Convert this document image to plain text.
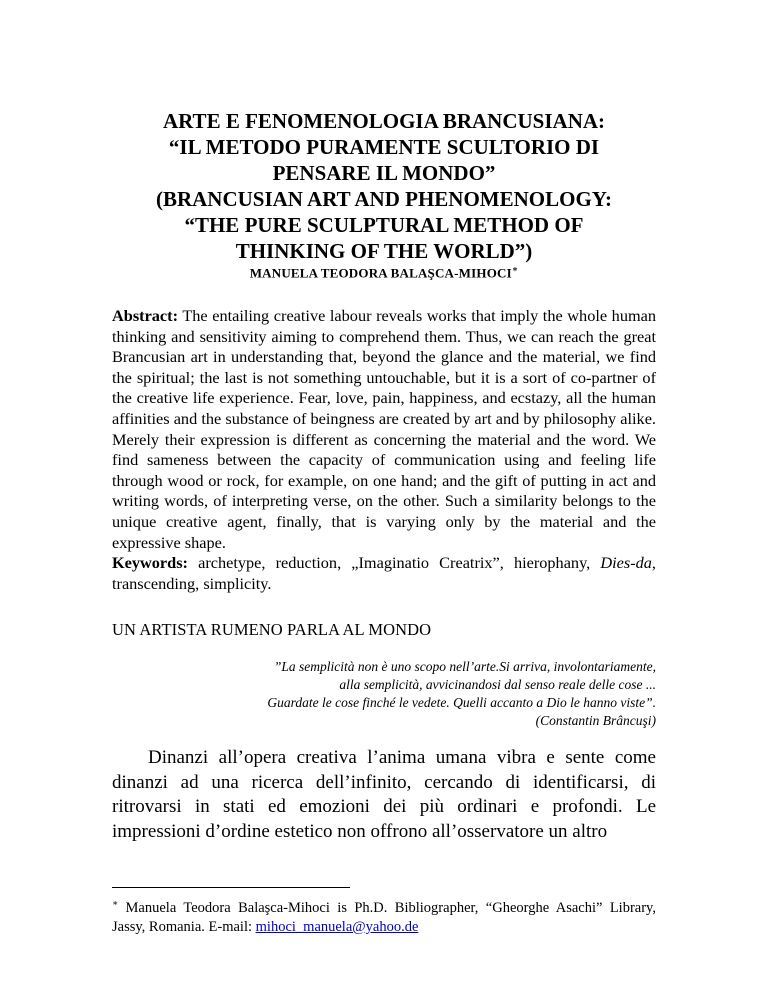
ARTE E FENOMENOLOGIA BRANCUSIANA:
“IL METODO PURAMENTE SCULTORIO DI
PENSARE IL MONDO”
(BRANCUSIAN ART AND PHENOMENOLOGY:
“THE PURE SCULPTURAL METHOD OF
THINKING OF THE WORLD”)
MANUELA TEODORA BALAŞCA-MIHOCI∗

Abstract: The entailing creative labour reveals works that imply the whole human thinking and sensitivity aiming to comprehend them. Thus, we can reach the great Brancusian art in understanding that, beyond the glance and the material, we find the spiritual; the last is not something untouchable, but it is a sort of co-partner of the creative life experience. Fear, love, pain, happiness, and ecstazy, all the human affinities and the substance of beingness are created by art and by philosophy alike. Merely their expression is different as concerning the material and the word. We find sameness between the capacity of communication using and feeling life through wood or rock, for example, on one hand; and the gift of putting in act and writing words, of interpreting verse, on the other. Such a similarity belongs to the unique creative agent, finally, that is varying only by the material and the expressive shape.

Keywords: archetype, reduction, „Imaginatio Creatrix”, hierophany, Dies-da, transcending, simplicity.

UN ARTISTA RUMENO PARLA AL MONDO
”La semplicità non è uno scopo nell’arte.Si arriva, involontariamente,
alla semplicità, avvicinandosi dal senso reale delle cose ...
Guardate le cose finché le vedete. Quelli accanto a Dio le hanno viste”.
(Constantin Brâncuşi)

Dinanzi all’opera creativa l’anima umana vibra e sente come dinanzi ad una ricerca dell’infinito, cercando di identificarsi, di ritrovarsi in stati ed emozioni dei più ordinari e profondi. Le impressioni d’ordine estetico non offrono all’osservatore un altro

∗ Manuela Teodora Balaşca-Mihoci is Ph.D. Bibliographer, “Gheorghe Asachi” Library, Jassy, Romania. E-mail: mihoci_manuela@yahoo.de
